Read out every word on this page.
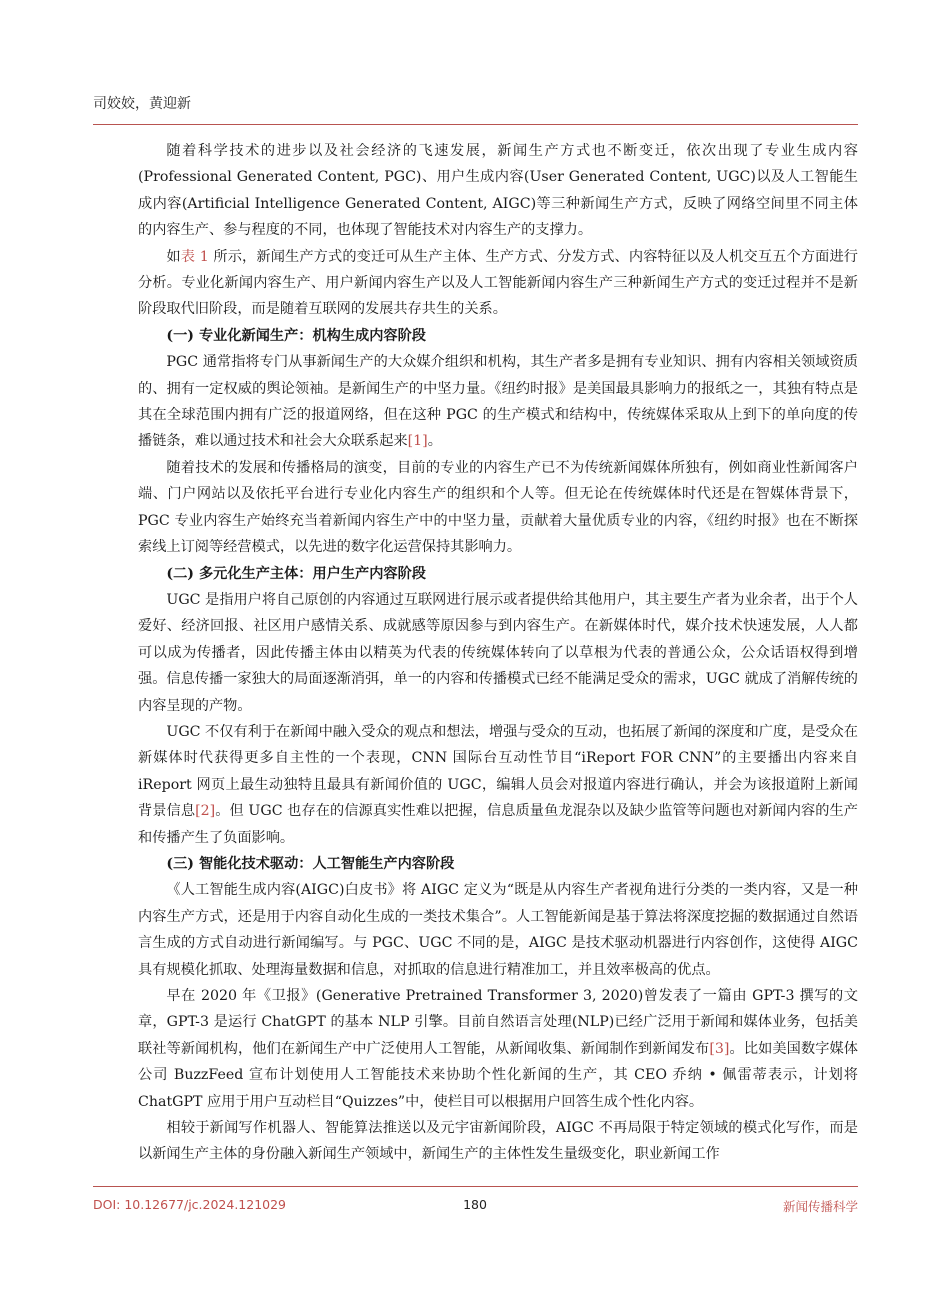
司姣姣，黄迎新

随着科学技术的进步以及社会经济的飞速发展，新闻生产方式也不断变迁，依次出现了专业生成内容(Professional Generated Content, PGC)、用户生成内容(User Generated Content, UGC)以及人工智能生成内容(Artificial Intelligence Generated Content, AIGC)等三种新闻生产方式，反映了网络空间里不同主体的内容生产、参与程度的不同，也体现了智能技术对内容生产的支撑力。

如表 1 所示，新闻生产方式的变迁可从生产主体、生产方式、分发方式、内容特征以及人机交互五个方面进行分析。专业化新闻内容生产、用户新闻内容生产以及人工智能新闻内容生产三种新闻生产方式的变迁过程并不是新阶段取代旧阶段，而是随着互联网的发展共存共生的关系。

(一) 专业化新闻生产：机构生成内容阶段

PGC 通常指将专门从事新闻生产的大众媒介组织和机构，其生产者多是拥有专业知识、拥有内容相关领域资质的、拥有一定权威的舆论领袖。是新闻生产的中坚力量。《纽约时报》是美国最具影响力的报纸之一，其独有特点是其在全球范围内拥有广泛的报道网络，但在这种 PGC 的生产模式和结构中，传统媒体采取从上到下的单向度的传播链条，难以通过技术和社会大众联系起来[1]。

随着技术的发展和传播格局的演变，目前的专业的内容生产已不为传统新闻媒体所独有，例如商业性新闻客户端、门户网站以及依托平台进行专业化内容生产的组织和个人等。但无论在传统媒体时代还是在智媒体背景下，PGC 专业内容生产始终充当着新闻内容生产中的中坚力量，贡献着大量优质专业的内容，《纽约时报》也在不断探索线上订阅等经营模式，以先进的数字化运营保持其影响力。

(二) 多元化生产主体：用户生产内容阶段

UGC 是指用户将自己原创的内容通过互联网进行展示或者提供给其他用户，其主要生产者为业余者，出于个人爱好、经济回报、社区用户感情关系、成就感等原因参与到内容生产。在新媒体时代，媒介技术快速发展，人人都可以成为传播者，因此传播主体由以精英为代表的传统媒体转向了以草根为代表的普通公众，公众话语权得到增强。信息传播一家独大的局面逐渐消弭，单一的内容和传播模式已经不能满足受众的需求，UGC 就成了消解传统的内容呈现的产物。

UGC 不仅有利于在新闻中融入受众的观点和想法，增强与受众的互动，也拓展了新闻的深度和广度，是受众在新媒体时代获得更多自主性的一个表现，CNN 国际台互动性节目“iReport FOR CNN”的主要播出内容来自 iReport 网页上最生动独特且最具有新闻价值的 UGC，编辑人员会对报道内容进行确认，并会为该报道附上新闻背景信息[2]。但 UGC 也存在的信源真实性难以把握，信息质量鱼龙混杂以及缺少监管等问题也对新闻内容的生产和传播产生了负面影响。

(三) 智能化技术驱动：人工智能生产内容阶段

《人工智能生成内容(AIGC)白皮书》将 AIGC 定义为“既是从内容生产者视角进行分类的一类内容，又是一种内容生产方式，还是用于内容自动化生成的一类技术集合”。人工智能新闻是基于算法将深度挖掘的数据通过自然语言生成的方式自动进行新闻编写。与 PGC、UGC 不同的是，AIGC 是技术驱动机器进行内容创作，这使得 AIGC 具有规模化抓取、处理海量数据和信息，对抓取的信息进行精准加工，并且效率极高的优点。

早在 2020 年《卫报》(Generative Pretrained Transformer 3, 2020)曾发表了一篇由 GPT-3 撰写的文章，GPT-3 是运行 ChatGPT 的基本 NLP 引擎。目前自然语言处理(NLP)已经广泛用于新闻和媒体业务，包括美联社等新闻机构，他们在新闻生产中广泛使用人工智能，从新闻收集、新闻制作到新闻发布[3]。比如美国数字媒体公司 BuzzFeed 宣布计划使用人工智能技术来协助个性化新闻的生产，其 CEO 乔纳 • 佩雷蒂表示，计划将 ChatGPT 应用于用户互动栏目“Quizzes”中，使栏目可以根据用户回答生成个性化内容。

相较于新闻写作机器人、智能算法推送以及元宇宙新闻阶段，AIGC 不再局限于特定领域的模式化写作，而是以新闻生产主体的身份融入新闻生产领域中，新闻生产的主体性发生量级变化，职业新闻工作

DOI: 10.12677/jc.2024.121029	180	新闻传播科学
